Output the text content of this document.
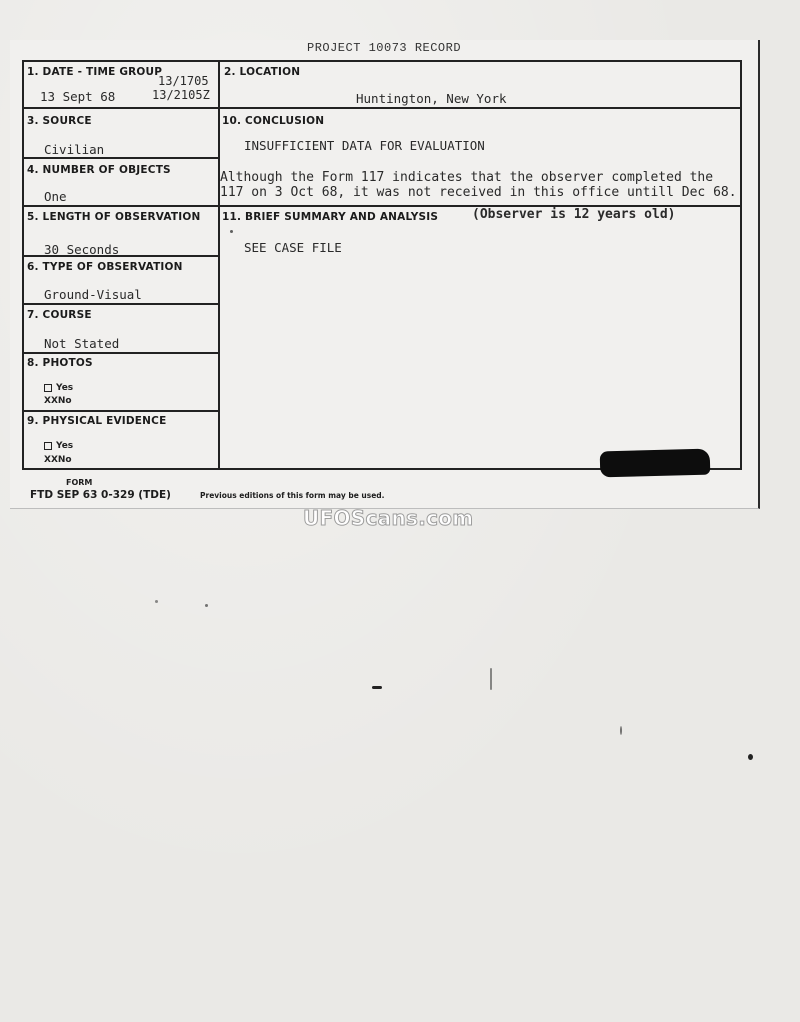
PROJECT 10073 RECORD
1. DATE - TIME GROUP
13 Sept 68
13/1705
13/2105Z
2. LOCATION
Huntington, New York
3. SOURCE
Civilian
10. CONCLUSION
INSUFFICIENT DATA FOR EVALUATION
Although the Form 117 indicates that the observer completed the
117 on 3 Oct 68, it was not received in this office untill Dec 68.
4. NUMBER OF OBJECTS
One
5. LENGTH OF OBSERVATION
30 Seconds
11. BRIEF SUMMARY AND ANALYSIS	(Observer is 12 years old)
SEE CASE FILE
6. TYPE OF OBSERVATION
Ground-Visual
7. COURSE
Not Stated
8. PHOTOS
Yes
XXNo
9. PHYSICAL EVIDENCE
Yes
XXNo
FORM
FTD SEP 63 0-329 (TDE)	Previous editions of this form may be used.
UFOScans.com
